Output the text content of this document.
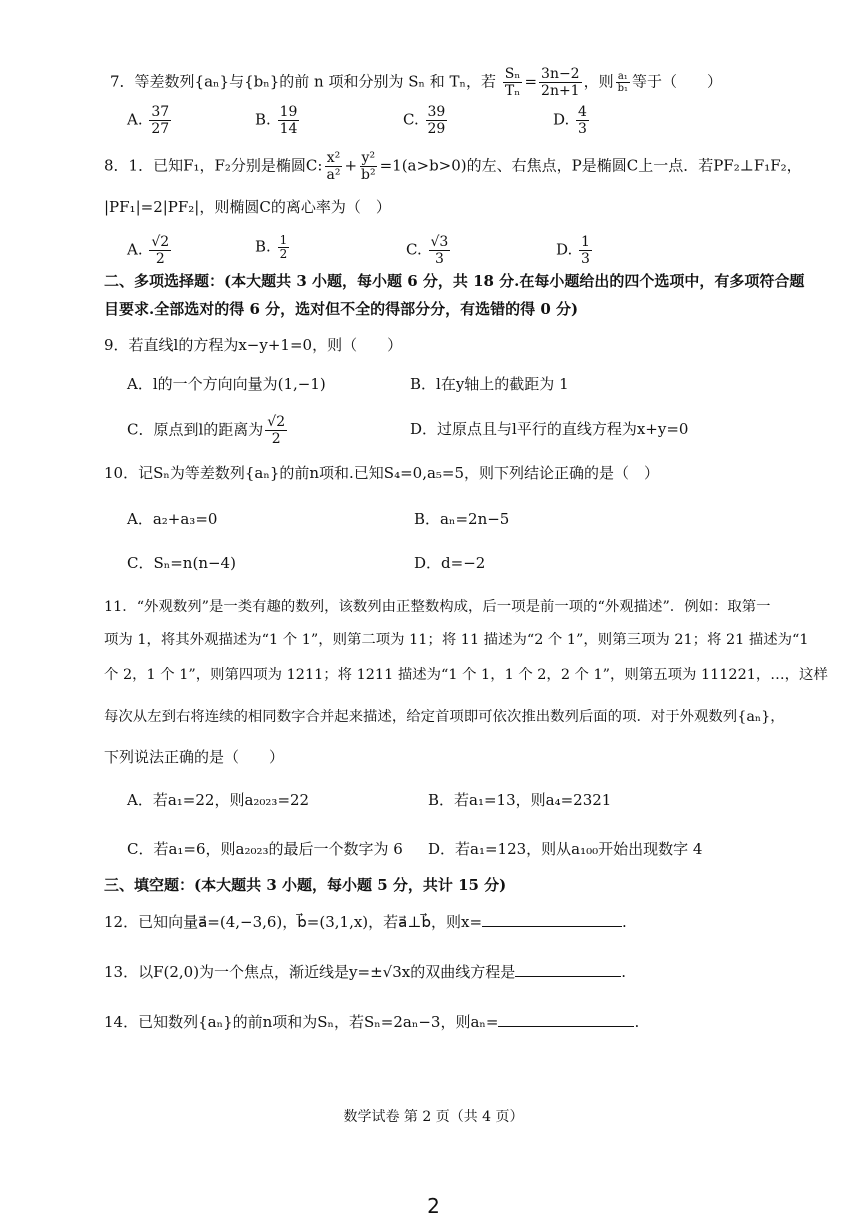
7．等差数列{aₙ}与{bₙ}的前 n 项和分别为 Sₙ 和 Tₙ，若 $\frac{\text{Sₙ}}{\text{Tₙ}} = \frac{3n-2}{2n+1}$ ，则 $\frac{\text{a₁}}{\text{b₁}}$ 等于（　　）
A. $\frac{37}{27}$	B. $\frac{19}{14}$	C. $\frac{39}{29}$	D. $\frac{4}{3}$
8．1．已知F₁，F₂分别是椭圆C: $\frac{\text{x²}}{\text{a²}} + \frac{\text{y²}}{\text{b²}} =1(a>b>0)$的左、右焦点，P是椭圆C上一点．若PF₂⊥F₁F₂，
|PF₁|=2|PF₂|，则椭圆C的离心率为（　）
A. $\frac{√2}{2}$	B. $\frac{1}{2}$	C. $\frac{√3}{3}$	D. $\frac{1}{3}$
二、多项选择题：(本大题共 3 小题，每小题 6 分，共 18 分.在每小题给出的四个选项中，有多项符合题
目要求.全部选对的得 6 分，选对但不全的得部分分，有选错的得 0 分)
9．若直线l的方程为x−y+1=0，则（　　）
A．l的一个方向向量为(1,−1)	B．l在y轴上的截距为 1
C．原点到l的距离为 $\frac{√2}{2}$	D．过原点且与l平行的直线方程为x+y=0
10．记Sₙ为等差数列{aₙ}的前n项和.已知S₄=0,a₅=5，则下列结论正确的是（　）
A．a₂+a₃=0	B．aₙ=2n−5
C．Sₙ=n(n−4)	D．d=−2
11．“外观数列”是一类有趣的数列，该数列由正整数构成，后一项是前一项的“外观描述”．例如：取第一
项为 1，将其外观描述为“1 个 1”，则第二项为 11；将 11 描述为“2 个 1”，则第三项为 21；将 21 描述为“1
个 2，1 个 1”，则第四项为 1211；将 1211 描述为“1 个 1，1 个 2，2 个 1”，则第五项为 111221，…，这样
每次从左到右将连续的相同数字合并起来描述，给定首项即可依次推出数列后面的项．对于外观数列{aₙ}，
下列说法正确的是（　　）
A．若a₁=22，则a₂₀₂₃=22	B．若a₁=13，则a₄=2321
C．若a₁=6，则a₂₀₂₃的最后一个数字为 6 D．若a₁=123，则从a₁₀₀开始出现数字 4
三、填空题：(本大题共 3 小题，每小题 5 分，共计 15 分)
12．已知向量a⃗=(4,−3,6)，b⃗=(3,1,x)，若a⃗⊥b⃗，则x=	.
13．以F(2,0)为一个焦点，渐近线是y=±√3x的双曲线方程是	.
14．已知数列{aₙ}的前n项和为Sₙ，若Sₙ=2aₙ−3，则aₙ=	.
数学试卷 第 2 页（共 4 页）
2
